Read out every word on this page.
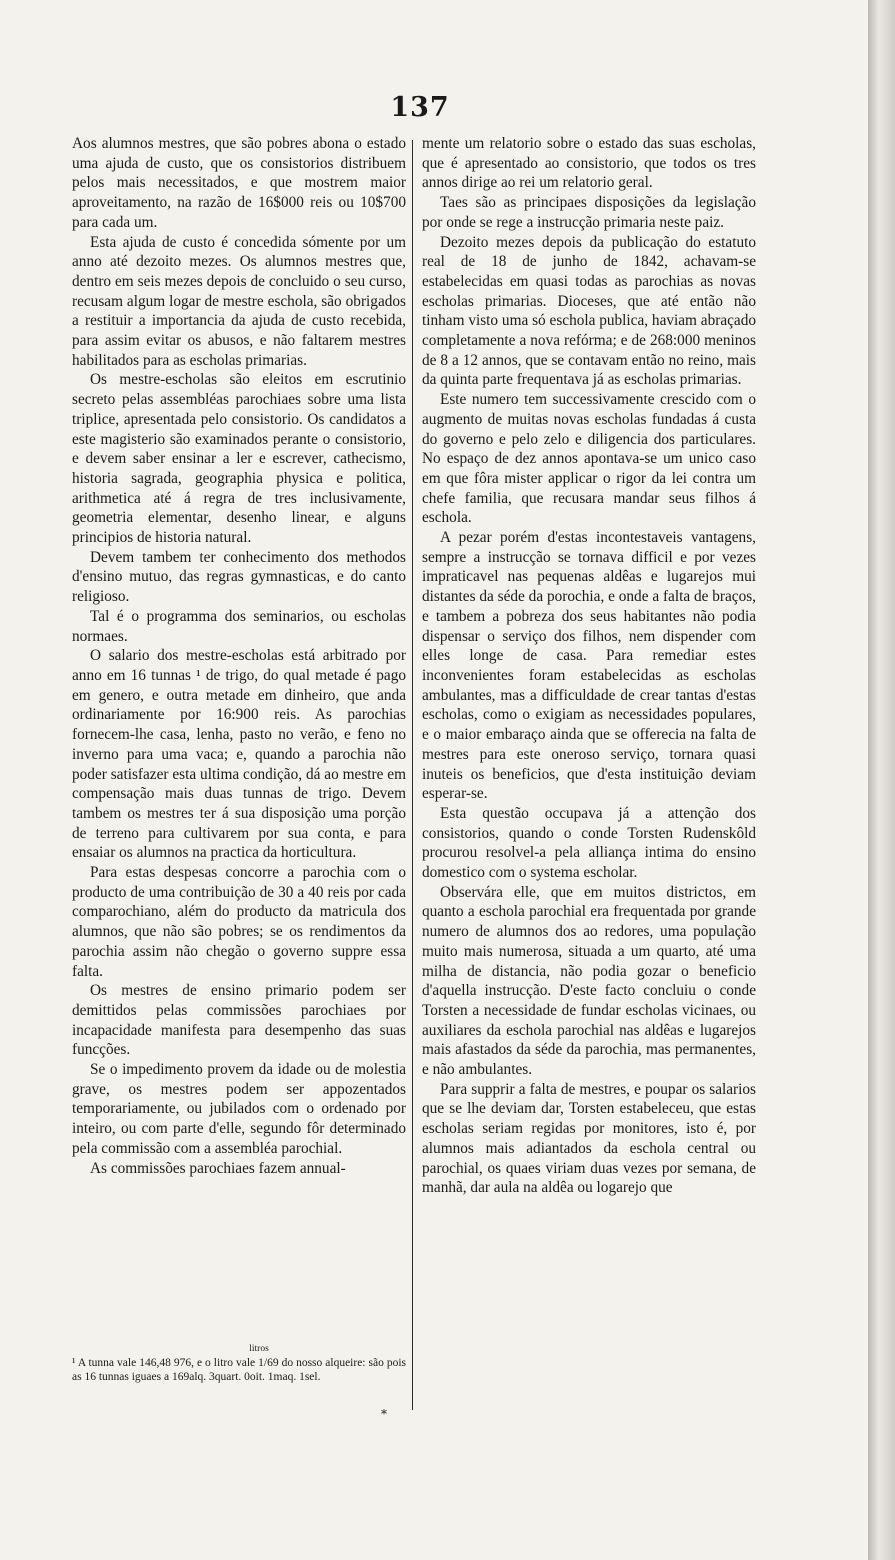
137

Aos alumnos mestres, que são pobres abona o estado uma ajuda de custo, que os consistorios distribuem pelos mais necessitados, e que mostrem maior aproveitamento, na razão de 16$000 reis ou 10$700 para cada um.

Esta ajuda de custo é concedida sómente por um anno até dezoito mezes. Os alumnos mestres que, dentro em seis mezes depois de concluido o seu curso, recusam algum logar de mestre eschola, são obrigados a restituir a importancia da ajuda de custo recebida, para assim evitar os abusos, e não faltarem mestres habilitados para as escholas primarias.

Os mestre-escholas são eleitos em escrutinio secreto pelas assembléas parochiaes sobre uma lista triplice, apresentada pelo consistorio. Os candidatos a este magisterio são examinados perante o consistorio, e devem saber ensinar a ler e escrever, cathecismo, historia sagrada, geographia physica e politica, arithmetica até á regra de tres inclusivamente, geometria elementar, desenho linear, e alguns principios de historia natural.

Devem tambem ter conhecimento dos methodos d'ensino mutuo, das regras gymnasticas, e do canto religioso.

Tal é o programma dos seminarios, ou escholas normaes.

O salario dos mestre-escholas está arbitrado por anno em 16 tunnas ¹ de trigo, do qual metade é pago em genero, e outra metade em dinheiro, que anda ordinariamente por 16:900 reis. As parochias fornecem-lhe casa, lenha, pasto no verão, e feno no inverno para uma vaca; e, quando a parochia não poder satisfazer esta ultima condição, dá ao mestre em compensação mais duas tunnas de trigo. Devem tambem os mestres ter á sua disposição uma porção de terreno para cultivarem por sua conta, e para ensaiar os alumnos na practica da horticultura.

Para estas despesas concorre a parochia com o producto de uma contribuição de 30 a 40 reis por cada comparochiano, além do producto da matricula dos alumnos, que não são pobres; se os rendimentos da parochia assim não chegão o governo suppre essa falta.

Os mestres de ensino primario podem ser demittidos pelas commissões parochiaes por incapacidade manifesta para desempenho das suas funcções.

Se o impedimento provem da idade ou de molestia grave, os mestres podem ser appozentados temporariamente, ou jubilados com o ordenado por inteiro, ou com parte d'elle, segundo fôr determinado pela commissão com a assembléa parochial.

As commissões parochiaes fazem annual-

mente um relatorio sobre o estado das suas escholas, que é apresentado ao consistorio, que todos os tres annos dirige ao rei um relatorio geral.

Taes são as principaes disposições da legislação por onde se rege a instrucção primaria neste paiz.

Dezoito mezes depois da publicação do estatuto real de 18 de junho de 1842, achavam-se estabelecidas em quasi todas as parochias as novas escholas primarias. Dioceses, que até então não tinham visto uma só eschola publica, haviam abraçado completamente a nova refórma; e de 268:000 meninos de 8 a 12 annos, que se contavam então no reino, mais da quinta parte frequentava já as escholas primarias.

Este numero tem successivamente crescido com o augmento de muitas novas escholas fundadas á custa do governo e pelo zelo e diligencia dos particulares. No espaço de dez annos apontava-se um unico caso em que fôra mister applicar o rigor da lei contra um chefe familia, que recusara mandar seus filhos á eschola.

A pezar porém d'estas incontestaveis vantagens, sempre a instrucção se tornava difficil e por vezes impraticavel nas pequenas aldêas e lugarejos mui distantes da séde da porochia, e onde a falta de braços, e tambem a pobreza dos seus habitantes não podia dispensar o serviço dos filhos, nem dispender com elles longe de casa. Para remediar estes inconvenientes foram estabelecidas as escholas ambulantes, mas a difficuldade de crear tantas d'estas escholas, como o exigiam as necessidades populares, e o maior embaraço ainda que se offerecia na falta de mestres para este oneroso serviço, tornara quasi inuteis os beneficios, que d'esta instituição deviam esperar-se.

Esta questão occupava já a attenção dos consistorios, quando o conde Torsten Rudenskôld procurou resolvel-a pela alliança intima do ensino domestico com o systema escholar.

Observára elle, que em muitos districtos, em quanto a eschola parochial era frequentada por grande numero de alumnos dos ao redores, uma população muito mais numerosa, situada a um quarto, até uma milha de distancia, não podia gozar o beneficio d'aquella instrucção. D'este facto concluiu o conde Torsten a necessidade de fundar escholas vicinaes, ou auxiliares da eschola parochial nas aldêas e lugarejos mais afastados da séde da parochia, mas permanentes, e não ambulantes.

Para supprir a falta de mestres, e poupar os salarios que se lhe deviam dar, Torsten estabeleceu, que estas escholas seriam regidas por monitores, isto é, por alumnos mais adiantados da eschola central ou parochial, os quaes viriam duas vezes por semana, de manhã, dar aula na aldêa ou logarejo que

litros
¹ A tunna vale 146,48 976, e o litro vale 1/69 do nosso alqueire: são pois as 16 tunnas iguaes a 169alq. 3quart. 0oit. 1maq. 1sel.
*
